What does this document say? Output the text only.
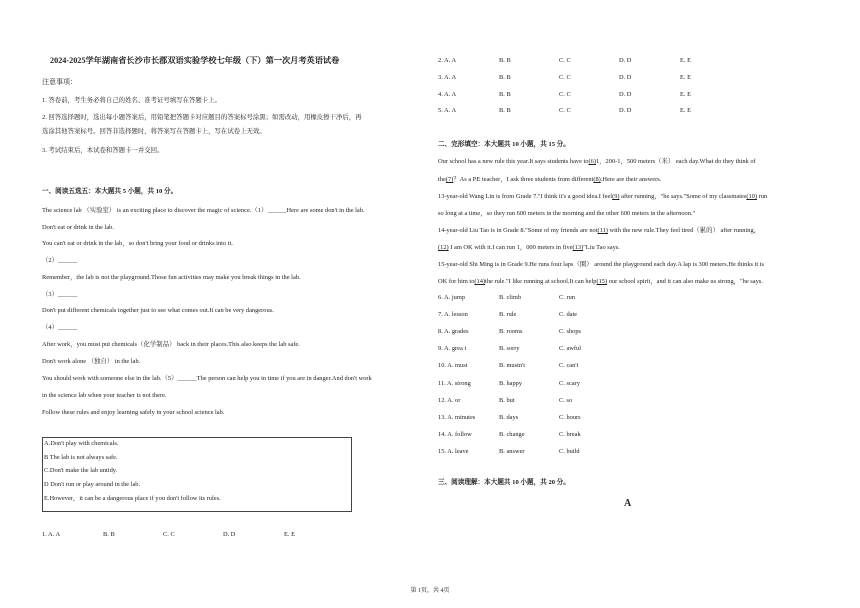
2024-2025学年湖南省长沙市长郡双语实验学校七年级（下）第一次月考英语试卷
注意事项：
1. 答卷前，考生务必将自己的姓名、准考证号填写在答题卡上。
2. 回答选择题时，选出每小题答案后，用铅笔把答题卡对应题目的答案标号涂黑；如需改动，用橡皮擦干净后，再
选涂其他答案标号。回答非选择题时，将答案写在答题卡上，写在试卷上无效。
3. 考试结束后，本试卷和答题卡一并交回。
一、阅读五选五：本大题共 5 小题，共 10 分。
The science lab （实验室） is an exciting place to discover the magic of science.（1）______Here are some don't in the lab.
Don't eat or drink in the lab.
You can't eat or drink in the lab，so don't bring your food or drinks into it.
（2）______
Remember，the lab is not the playground.Those fun activities may make you break things in the lab.
（3）______
Don't put different chemicals together just to see what comes out.It can be very dangerous.
（4）______
After work，you must put chemicals（化学制品） back in their places.This also keeps the lab safe.
Don't work alone （独自） in the lab.
You should work with someone else in the lab.（5）______The person can help you in time if you are in danger.And don't work
in the science lab when your teacher is not there.
Follow these rules and enjoy learning safely in your school science lab.
A.Don't play with chemicals.
B The lab is not always safe.
C.Don't make the lab untidy.
D Don't run or play around in the lab.
E.However，it can be a dangerous place if you don't follow its rules.
1. A. A	B. B	C. C	D. D	E. E
2. A. A	B. B	C. C	D. D	E. E
3. A. A	B. B	C. C	D. D	E. E
4. A. A	B. B	C. C	D. D	E. E
5. A. A	B. B	C. C	D. D	E. E
二、完形填空：本大题共 10 小题，共 15 分。
Our school has a new rule this year.It says students have to(6)1，200-1，500 meters（米） each day.What do they think of
the(7)？As a PE teacher，I ask three students from different(8).Here are their answers.
13-year-old Wang Lin is from Grade 7."I think it's a good idea.I feel(9) after running，"he says."Some of my classmates(10) run
so long at a time，so they run 600 meters in the morning and the other 600 meters in the afternoon."
14-year-old Liu Tao is in Grade 8."Some of my friends are not(11) with the new rule.They feel tired（累的） after running，
(12) I am OK with it.I can run 1，000 meters in five(13)"Liu Tao says.
15-year-old Shi Ming is in Grade 9.He runs four laps（圈） around the playground each day.A lap is 300 meters.He thinks it is
OK for him to(14)the rule."I like running at school.It can help(15) our school spirit，and it can also make us strong，"he says.
6. A. jump	B. climb	C. run
7. A. lesson	B. rule	C. date
8. A. grades	B. rooms	C. shops
9. A. grea t	B. sorry	C. awful
10. A. must	B. mustn't	C. can't
11. A. strong	B. happy	C. scary
12. A. or	B. but	C. so
13. A. minutes	B. days	C. hours
14. A. follow	B. change	C. break
15. A. leave	B. answer	C. build
三、阅读理解：本大题共 10 小题，共 20 分。
A
第 1页，共 4页
